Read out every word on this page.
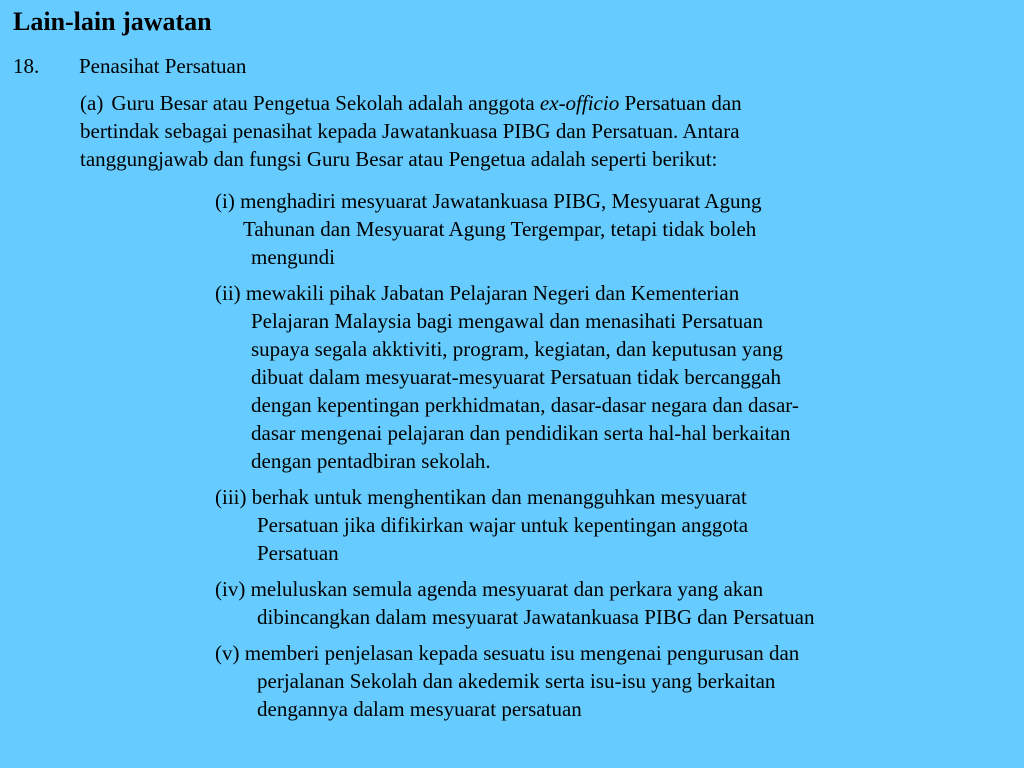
Lain-lain jawatan
18. Penasihat Persatuan
(a) Guru Besar atau Pengetua Sekolah adalah anggota ex-officio Persatuan dan
bertindak sebagai penasihat kepada Jawatankuasa PIBG dan Persatuan. Antara
tanggungjawab dan fungsi Guru Besar atau Pengetua adalah seperti berikut:
(i) menghadiri mesyuarat Jawatankuasa PIBG, Mesyuarat Agung
Tahunan dan Mesyuarat Agung Tergempar, tetapi tidak boleh
mengundi
(ii) mewakili pihak Jabatan Pelajaran Negeri dan Kementerian
Pelajaran Malaysia bagi mengawal dan menasihati Persatuan
supaya segala akktiviti, program, kegiatan, dan keputusan yang
dibuat dalam mesyuarat-mesyuarat Persatuan tidak bercanggah
dengan kepentingan perkhidmatan, dasar-dasar negara dan dasar-
dasar mengenai pelajaran dan pendidikan serta hal-hal berkaitan
dengan pentadbiran sekolah.
(iii) berhak untuk menghentikan dan menangguhkan mesyuarat
Persatuan jika difikirkan wajar untuk kepentingan anggota
Persatuan
(iv) meluluskan semula agenda mesyuarat dan perkara yang akan
dibincangkan dalam mesyuarat Jawatankuasa PIBG dan Persatuan
(v) memberi penjelasan kepada sesuatu isu mengenai pengurusan dan
perjalanan Sekolah dan akedemik serta isu-isu yang berkaitan
dengannya dalam mesyuarat persatuan
